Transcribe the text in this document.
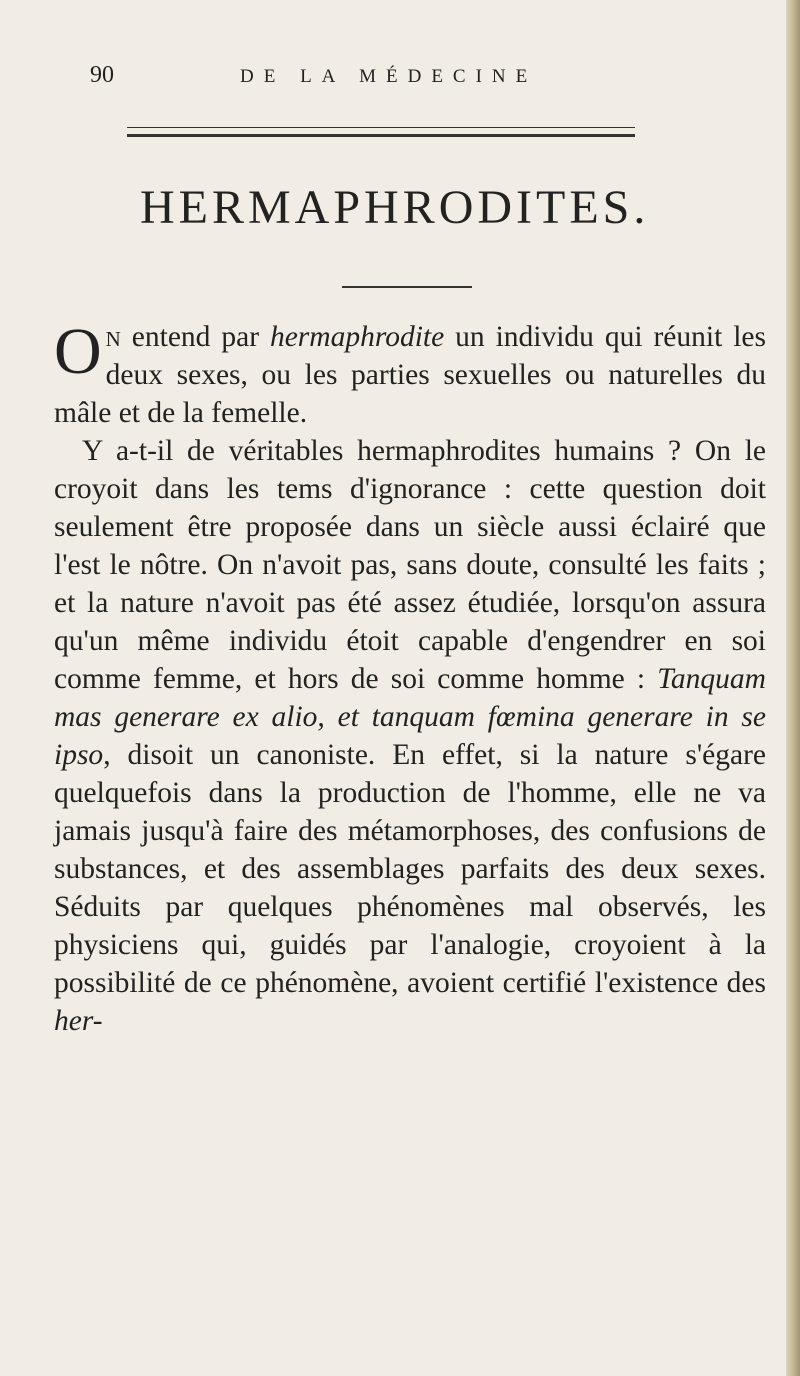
90	DE LA MÉDECINE
HERMAPHRODITES.

On entend par hermaphrodite un individu qui réunit les deux sexes, ou les parties sexuelles ou naturelles du mâle et de la femelle.

Y a-t-il de véritables hermaphrodites humains ? On le croyoit dans les tems d'ignorance : cette question doit seulement être proposée dans un siècle aussi éclairé que l'est le nôtre. On n'avoit pas, sans doute, consulté les faits ; et la nature n'avoit pas été assez étudiée, lorsqu'on assura qu'un même individu étoit capable d'engendrer en soi comme femme, et hors de soi comme homme : Tanquam mas generare ex alio, et tanquam fœmina generare in se ipso, disoit un canoniste. En effet, si la nature s'égare quelquefois dans la production de l'homme, elle ne va jamais jusqu'à faire des métamorphoses, des confusions de substances, et des assemblages parfaits des deux sexes. Séduits par quelques phénomènes mal observés, les physiciens qui, guidés par l'analogie, croyoient à la possibilité de ce phénomène, avoient certifié l'existence des her-
